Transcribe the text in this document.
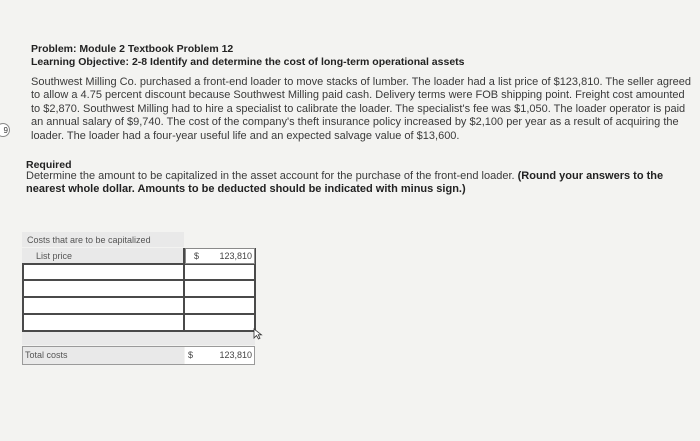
9
Problem: Module 2 Textbook Problem 12
Learning Objective: 2-8 Identify and determine the cost of long-term operational assets
Southwest Milling Co. purchased a front-end loader to move stacks of lumber. The loader had a list price of $123,810. The seller agreed to allow a 4.75 percent discount because Southwest Milling paid cash. Delivery terms were FOB shipping point. Freight cost amounted to $2,870. Southwest Milling had to hire a specialist to calibrate the loader. The specialist's fee was $1,050. The loader operator is paid an annual salary of $9,740. The cost of the company's theft insurance policy increased by $2,100 per year as a result of acquiring the loader. The loader had a four-year useful life and an expected salvage value of $13,600.
Required
Determine the amount to be capitalized in the asset account for the purchase of the front-end loader. (Round your answers to the nearest whole dollar. Amounts to be deducted should be indicated with minus sign.)
Costs that are to be capitalized
List price	$	123,810
Total costs	$	123,810
